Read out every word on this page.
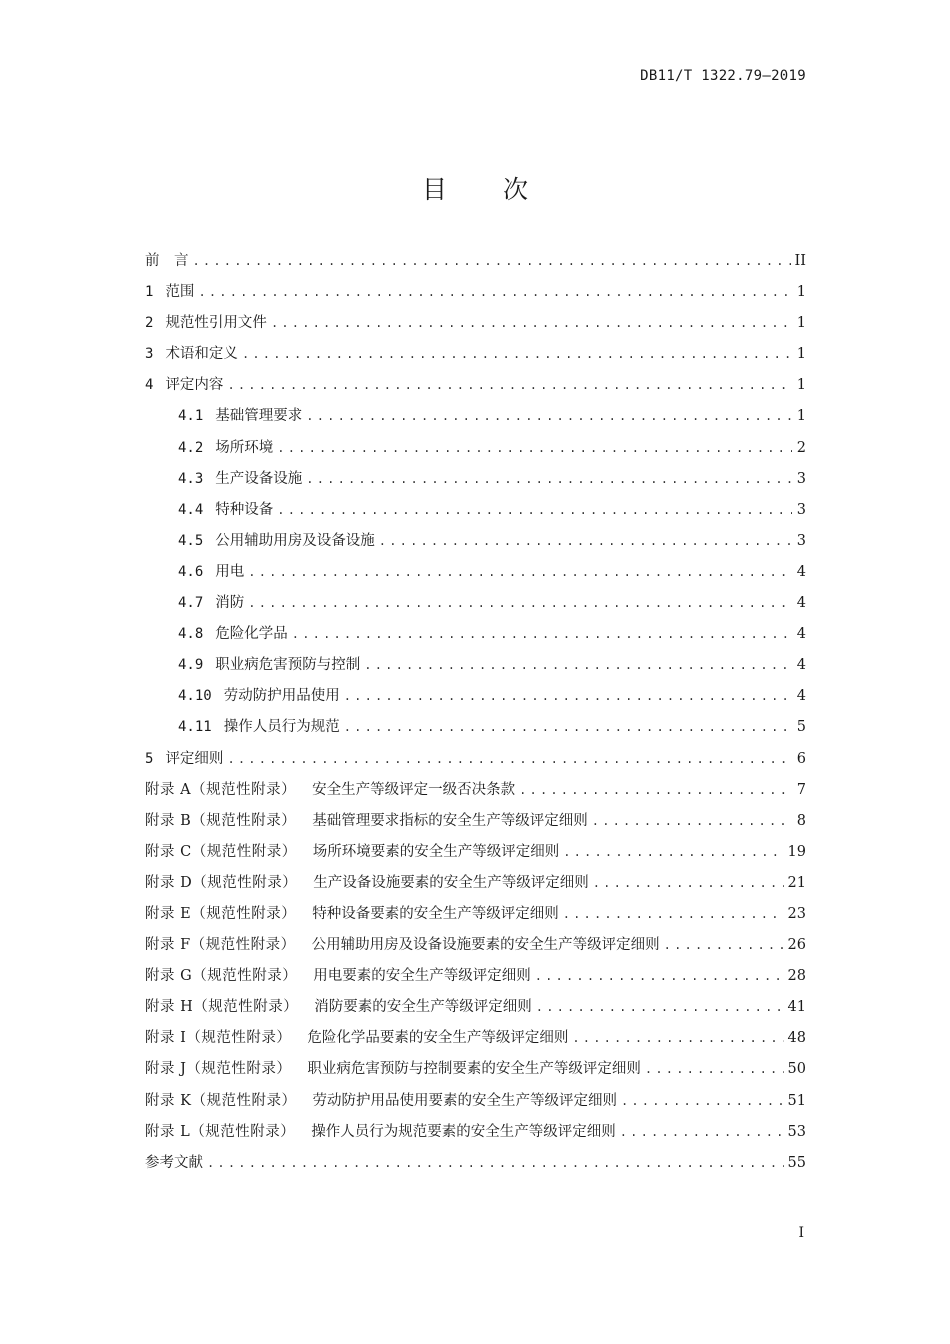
DB11/T 1322.79—2019
目 次
前　言 .....	II
1 范围 .....	1
2 规范性引用文件 .....	1
3 术语和定义 .....	1
4 评定内容 .....	1
4.1 基础管理要求 .....	1
4.2 场所环境 .....	2
4.3 生产设备设施 .....	3
4.4 特种设备 .....	3
4.5 公用辅助用房及设备设施 .....	3
4.6 用电 .....	4
4.7 消防 .....	4
4.8 危险化学品 .....	4
4.9 职业病危害预防与控制 .....	4
4.10 劳动防护用品使用 .....	4
4.11 操作人员行为规范 .....	5
5 评定细则 .....	6
附录 A（规范性附录） 安全生产等级评定一级否决条款 .....	7
附录 B（规范性附录） 基础管理要求指标的安全生产等级评定细则 .....	8
附录 C（规范性附录） 场所环境要素的安全生产等级评定细则 .....	19
附录 D（规范性附录） 生产设备设施要素的安全生产等级评定细则 .....	21
附录 E（规范性附录） 特种设备要素的安全生产等级评定细则 .....	23
附录 F（规范性附录） 公用辅助用房及设备设施要素的安全生产等级评定细则 .....	26
附录 G（规范性附录） 用电要素的安全生产等级评定细则 .....	28
附录 H（规范性附录） 消防要素的安全生产等级评定细则 .....	41
附录 I（规范性附录） 危险化学品要素的安全生产等级评定细则 .....	48
附录 J（规范性附录） 职业病危害预防与控制要素的安全生产等级评定细则 .....	50
附录 K（规范性附录） 劳动防护用品使用要素的安全生产等级评定细则 .....	51
附录 L（规范性附录） 操作人员行为规范要素的安全生产等级评定细则 .....	53
参考文献 .....	55
I
